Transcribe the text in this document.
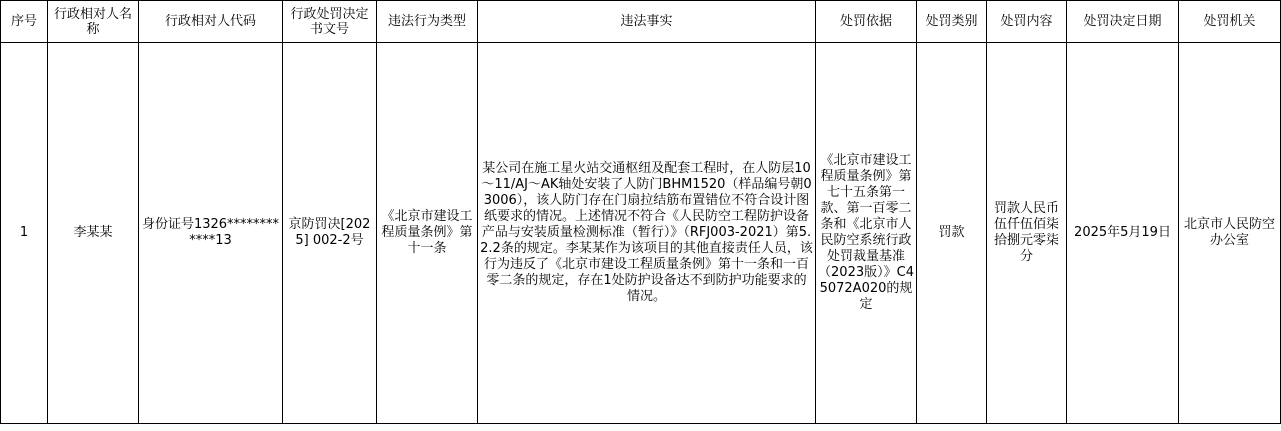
序号	行政相对人名称	行政相对人代码	行政处罚决定书文号	违法行为类型	违法事实	处罚依据	处罚类别	处罚内容	处罚决定日期	处罚机关
1	李某某	身份证号1326************13	京防罚决[2025] 002-2号	《北京市建设工程质量条例》第十一条	某公司在施工星火站交通枢纽及配套工程时，在人防层10～11/AJ～AK轴处安装了人防门BHM1520（样品编号朝03006），该人防门存在门扇拉结筋布置错位不符合设计图纸要求的情况。上述情况不符合《人民防空工程防护设备产品与安装质量检测标准（暂行）》（RFJ003-2021）第5.2.2条的规定。李某某作为该项目的其他直接责任人员，该行为违反了《北京市建设工程质量条例》第十一条和一百零二条的规定，存在1处防护设备达不到防护功能要求的情况。	《北京市建设工程质量条例》第七十五条第一款、第一百零二条和《北京市人民防空系统行政处罚裁量基准（2023版）》C45072A020的规定	罚款	罚款人民币伍仟伍佰柒拾捌元零柒分	2025年5月19日	北京市人民防空办公室
